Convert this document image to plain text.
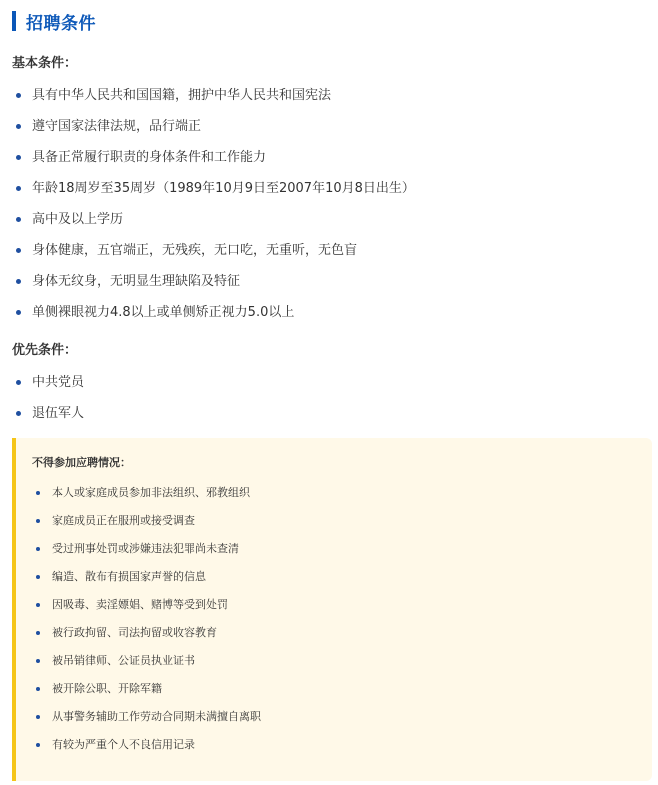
招聘条件
基本条件：
具有中华人民共和国国籍，拥护中华人民共和国宪法
遵守国家法律法规，品行端正
具备正常履行职责的身体条件和工作能力
年龄18周岁至35周岁（1989年10月9日至2007年10月8日出生）
高中及以上学历
身体健康，五官端正，无残疾，无口吃，无重听，无色盲
身体无纹身，无明显生理缺陷及特征
单侧裸眼视力4.8以上或单侧矫正视力5.0以上
优先条件：
中共党员
退伍军人
不得参加应聘情况：
本人或家庭成员参加非法组织、邪教组织
家庭成员正在服刑或接受调查
受过刑事处罚或涉嫌违法犯罪尚未查清
编造、散布有损国家声誉的信息
因吸毒、卖淫嫖娼、赌博等受到处罚
被行政拘留、司法拘留或收容教育
被吊销律师、公证员执业证书
被开除公职、开除军籍
从事警务辅助工作劳动合同期未满擅自离职
有较为严重个人不良信用记录
